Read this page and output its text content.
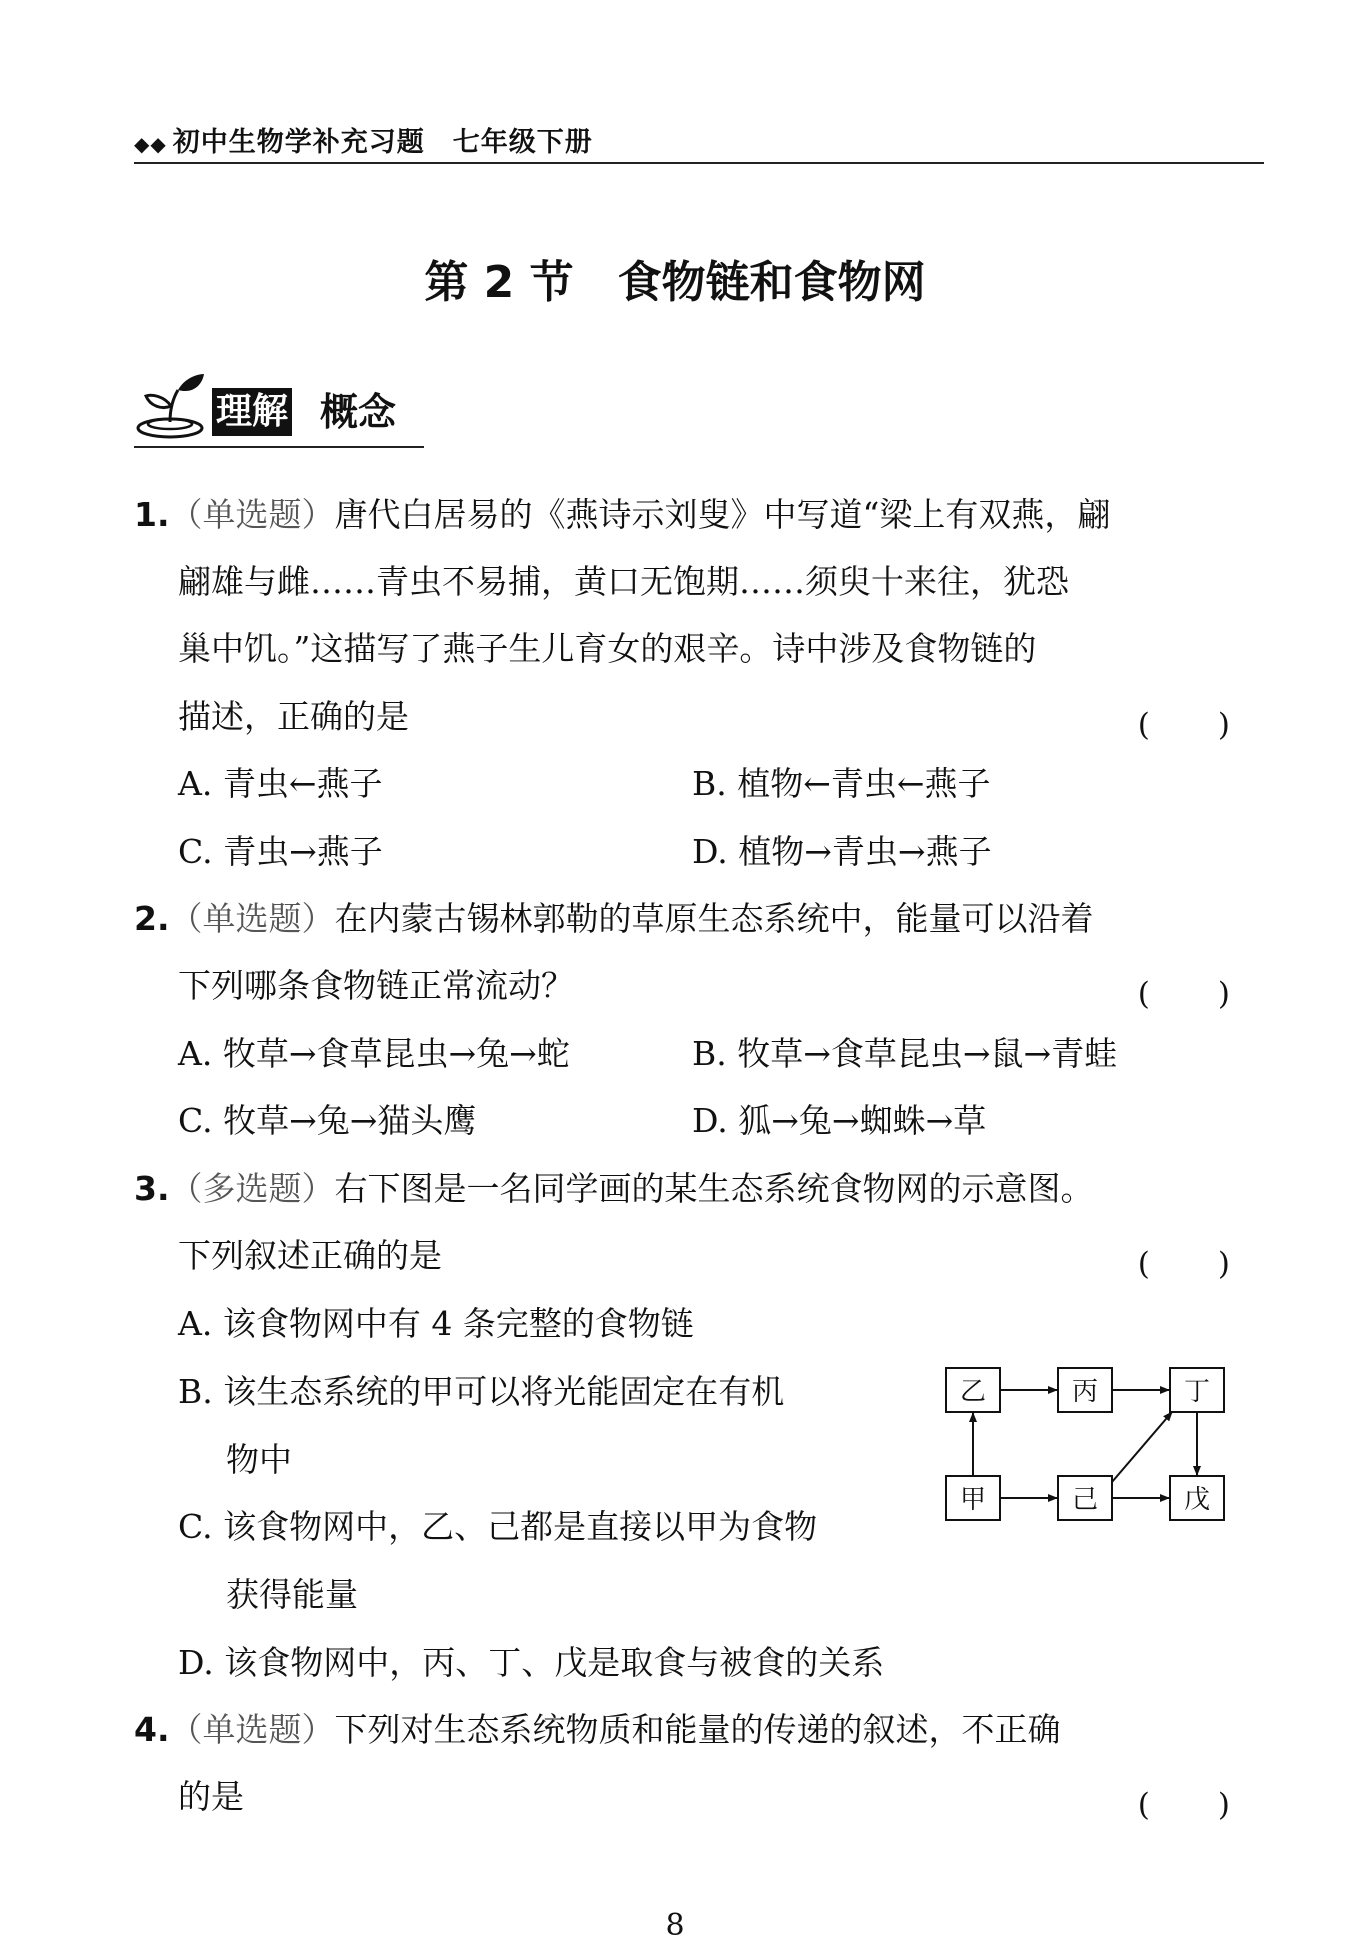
◆◆ 初中生物学补充习题　七年级下册
第 2 节　食物链和食物网
理解 概念
1.（单选题）唐代白居易的《燕诗示刘叟》中写道“梁上有双燕，翩
翩雄与雌……青虫不易捕，黄口无饱期……须臾十来往，犹恐
巢中饥。”这描写了燕子生儿育女的艰辛。诗中涉及食物链的
描述，正确的是	(　　)
A. 青虫←燕子	B. 植物←青虫←燕子
C. 青虫→燕子	D. 植物→青虫→燕子
2.（单选题）在内蒙古锡林郭勒的草原生态系统中，能量可以沿着
下列哪条食物链正常流动？	(　　)
A. 牧草→食草昆虫→兔→蛇	B. 牧草→食草昆虫→鼠→青蛙
C. 牧草→兔→猫头鹰	D. 狐→兔→蜘蛛→草
3.（多选题）右下图是一名同学画的某生态系统食物网的示意图。
下列叙述正确的是	(　　)
A. 该食物网中有 4 条完整的食物链
B. 该生态系统的甲可以将光能固定在有机
物中
C. 该食物网中，乙、己都是直接以甲为食物
获得能量
D. 该食物网中，丙、丁、戊是取食与被食的关系
乙	丙	丁
甲	己	戊
4.（单选题）下列对生态系统物质和能量的传递的叙述，不正确
的是	(　　)
8
